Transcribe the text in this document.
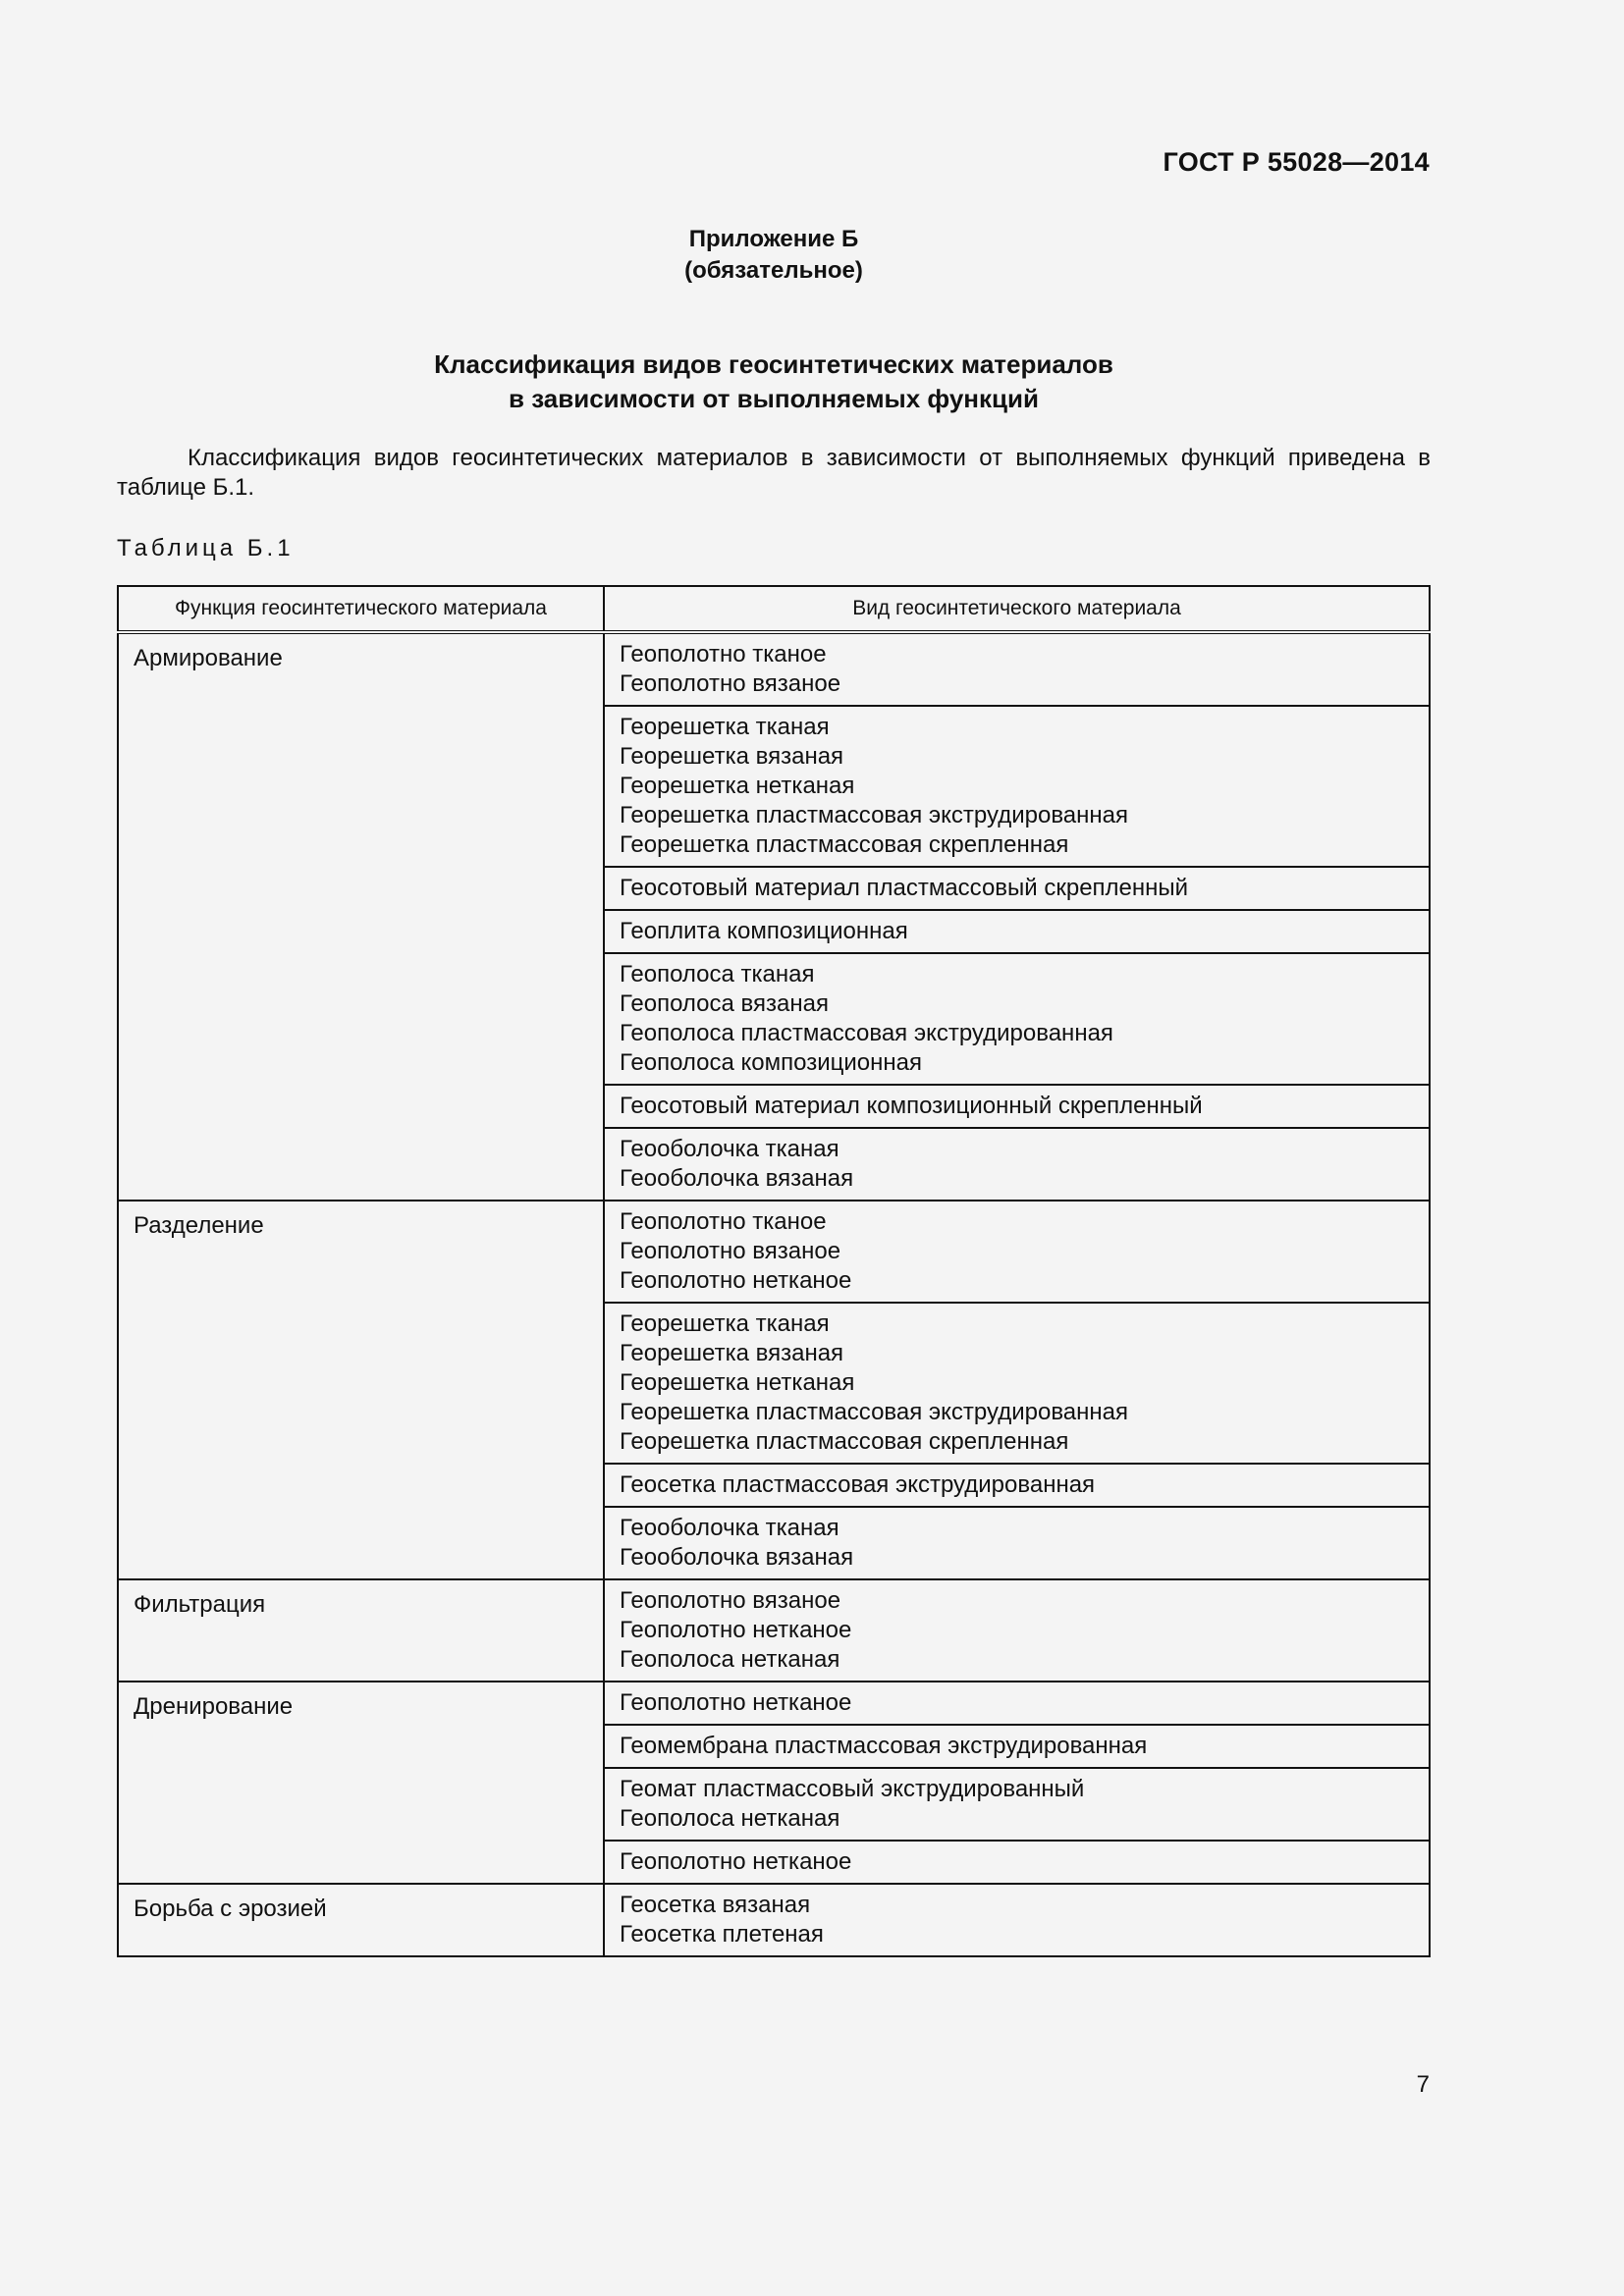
ГОСТ Р 55028—2014
Приложение Б
(обязательное)
Классификация видов геосинтетических материалов
в зависимости от выполняемых функций
Классификация видов геосинтетических материалов в зависимости от выполняемых функций приведена в таблице Б.1.
Таблица Б.1
Функция геосинтетического материала	Вид геосинтетического материала
Армирование	Геополотно тканое
Геополотно вязаное

	Георешетка тканая
Георешетка вязаная
Георешетка нетканая
Георешетка пластмассовая экструдированная
Георешетка пластмассовая скрепленная

	Геосотовый материал пластмассовый скрепленный

	Геоплита композиционная

	Геополоса тканая
Геополоса вязаная
Геополоса пластмассовая экструдированная
Геополоса композиционная

	Геосотовый материал композиционный скрепленный

	Геооболочка тканая
Геооболочка вязаная

Разделение	Геополотно тканое
Геополотно вязаное
Геополотно нетканое

	Георешетка тканая
Георешетка вязаная
Георешетка нетканая
Георешетка пластмассовая экструдированная
Георешетка пластмассовая скрепленная

	Геосетка пластмассовая экструдированная

	Геооболочка тканая
Геооболочка вязаная

Фильтрация	Геополотно вязаное
Геополотно нетканое
Геополоса нетканая

Дренирование	Геополотно нетканое

	Геомембрана пластмассовая экструдированная

	Геомат пластмассовый экструдированный
Геополоса нетканая

	Геополотно нетканое

Борьба с эрозией	Геосетка вязаная
Геосетка плетеная
7
